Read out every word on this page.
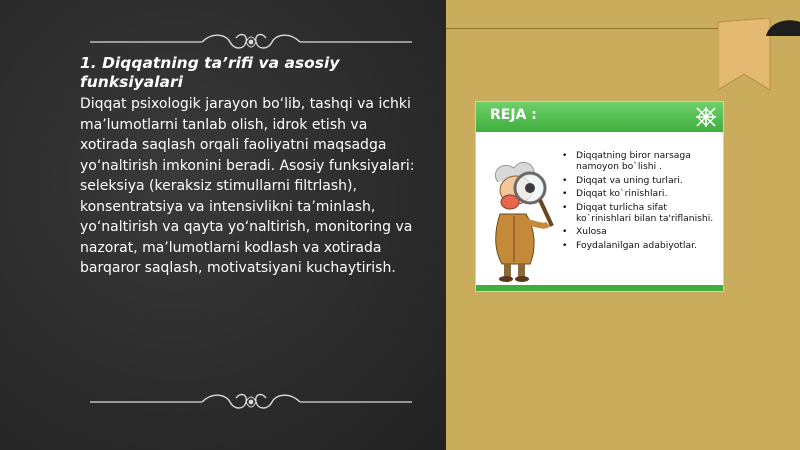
1. Diqqatning ta’rifi va asosiy funksiyalari

Diqqat psixologik jarayon bo‘lib, tashqi va ichki ma’lumotlarni tanlab olish, idrok etish va xotirada saqlash orqali faoliyatni maqsadga yo‘naltirish imkonini beradi. Asosiy funksiyalari: seleksiya (keraksiz stimullarni filtrlash), konsentratsiya va intensivlikni ta’minlash, yo‘naltirish va qayta yo‘naltirish, monitoring va nazorat, ma’lumotlarni kodlash va xotirada barqaror saqlash, motivatsiyani kuchaytirish.

REJA :
• Diqqatning biror narsaga namoyon bo`lishi .
• Diqqat va uning turlari.
• Diqqat ko`rinishlari.
• Diqqat turlicha sifat ko`rinishlari bilan ta'riflanishi.
• Xulosa
• Foydalanilgan adabiyotlar.
